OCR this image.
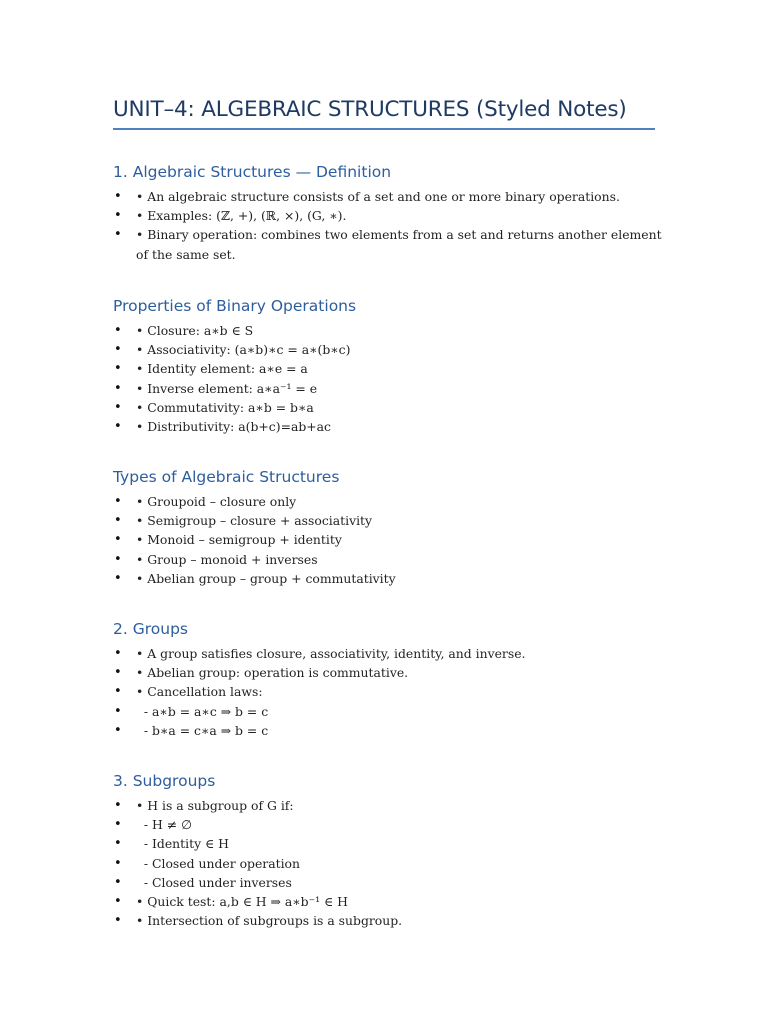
UNIT–4: ALGEBRAIC STRUCTURES (Styled Notes)
1. Algebraic Structures — Definition
• • An algebraic structure consists of a set and one or more binary operations.
• • Examples: (ℤ, +), (ℝ, ×), (G, ∗).
• • Binary operation: combines two elements from a set and returns another element of the same set.
Properties of Binary Operations
• • Closure: a∗b ∈ S
• • Associativity: (a∗b)∗c = a∗(b∗c)
• • Identity element: a∗e = a
• • Inverse element: a∗a⁻¹ = e
• • Commutativity: a∗b = b∗a
• • Distributivity: a(b+c)=ab+ac
Types of Algebraic Structures
• • Groupoid – closure only
• • Semigroup – closure + associativity
• • Monoid – semigroup + identity
• • Group – monoid + inverses
• • Abelian group – group + commutativity
2. Groups
• • A group satisfies closure, associativity, identity, and inverse.
• • Abelian group: operation is commutative.
• • Cancellation laws:
• - a∗b = a∗c ⇒ b = c
• - b∗a = c∗a ⇒ b = c
3. Subgroups
• • H is a subgroup of G if:
• - H ≠ ∅
• - Identity ∈ H
• - Closed under operation
• - Closed under inverses
• • Quick test: a,b ∈ H ⇒ a∗b⁻¹ ∈ H
• • Intersection of subgroups is a subgroup.
